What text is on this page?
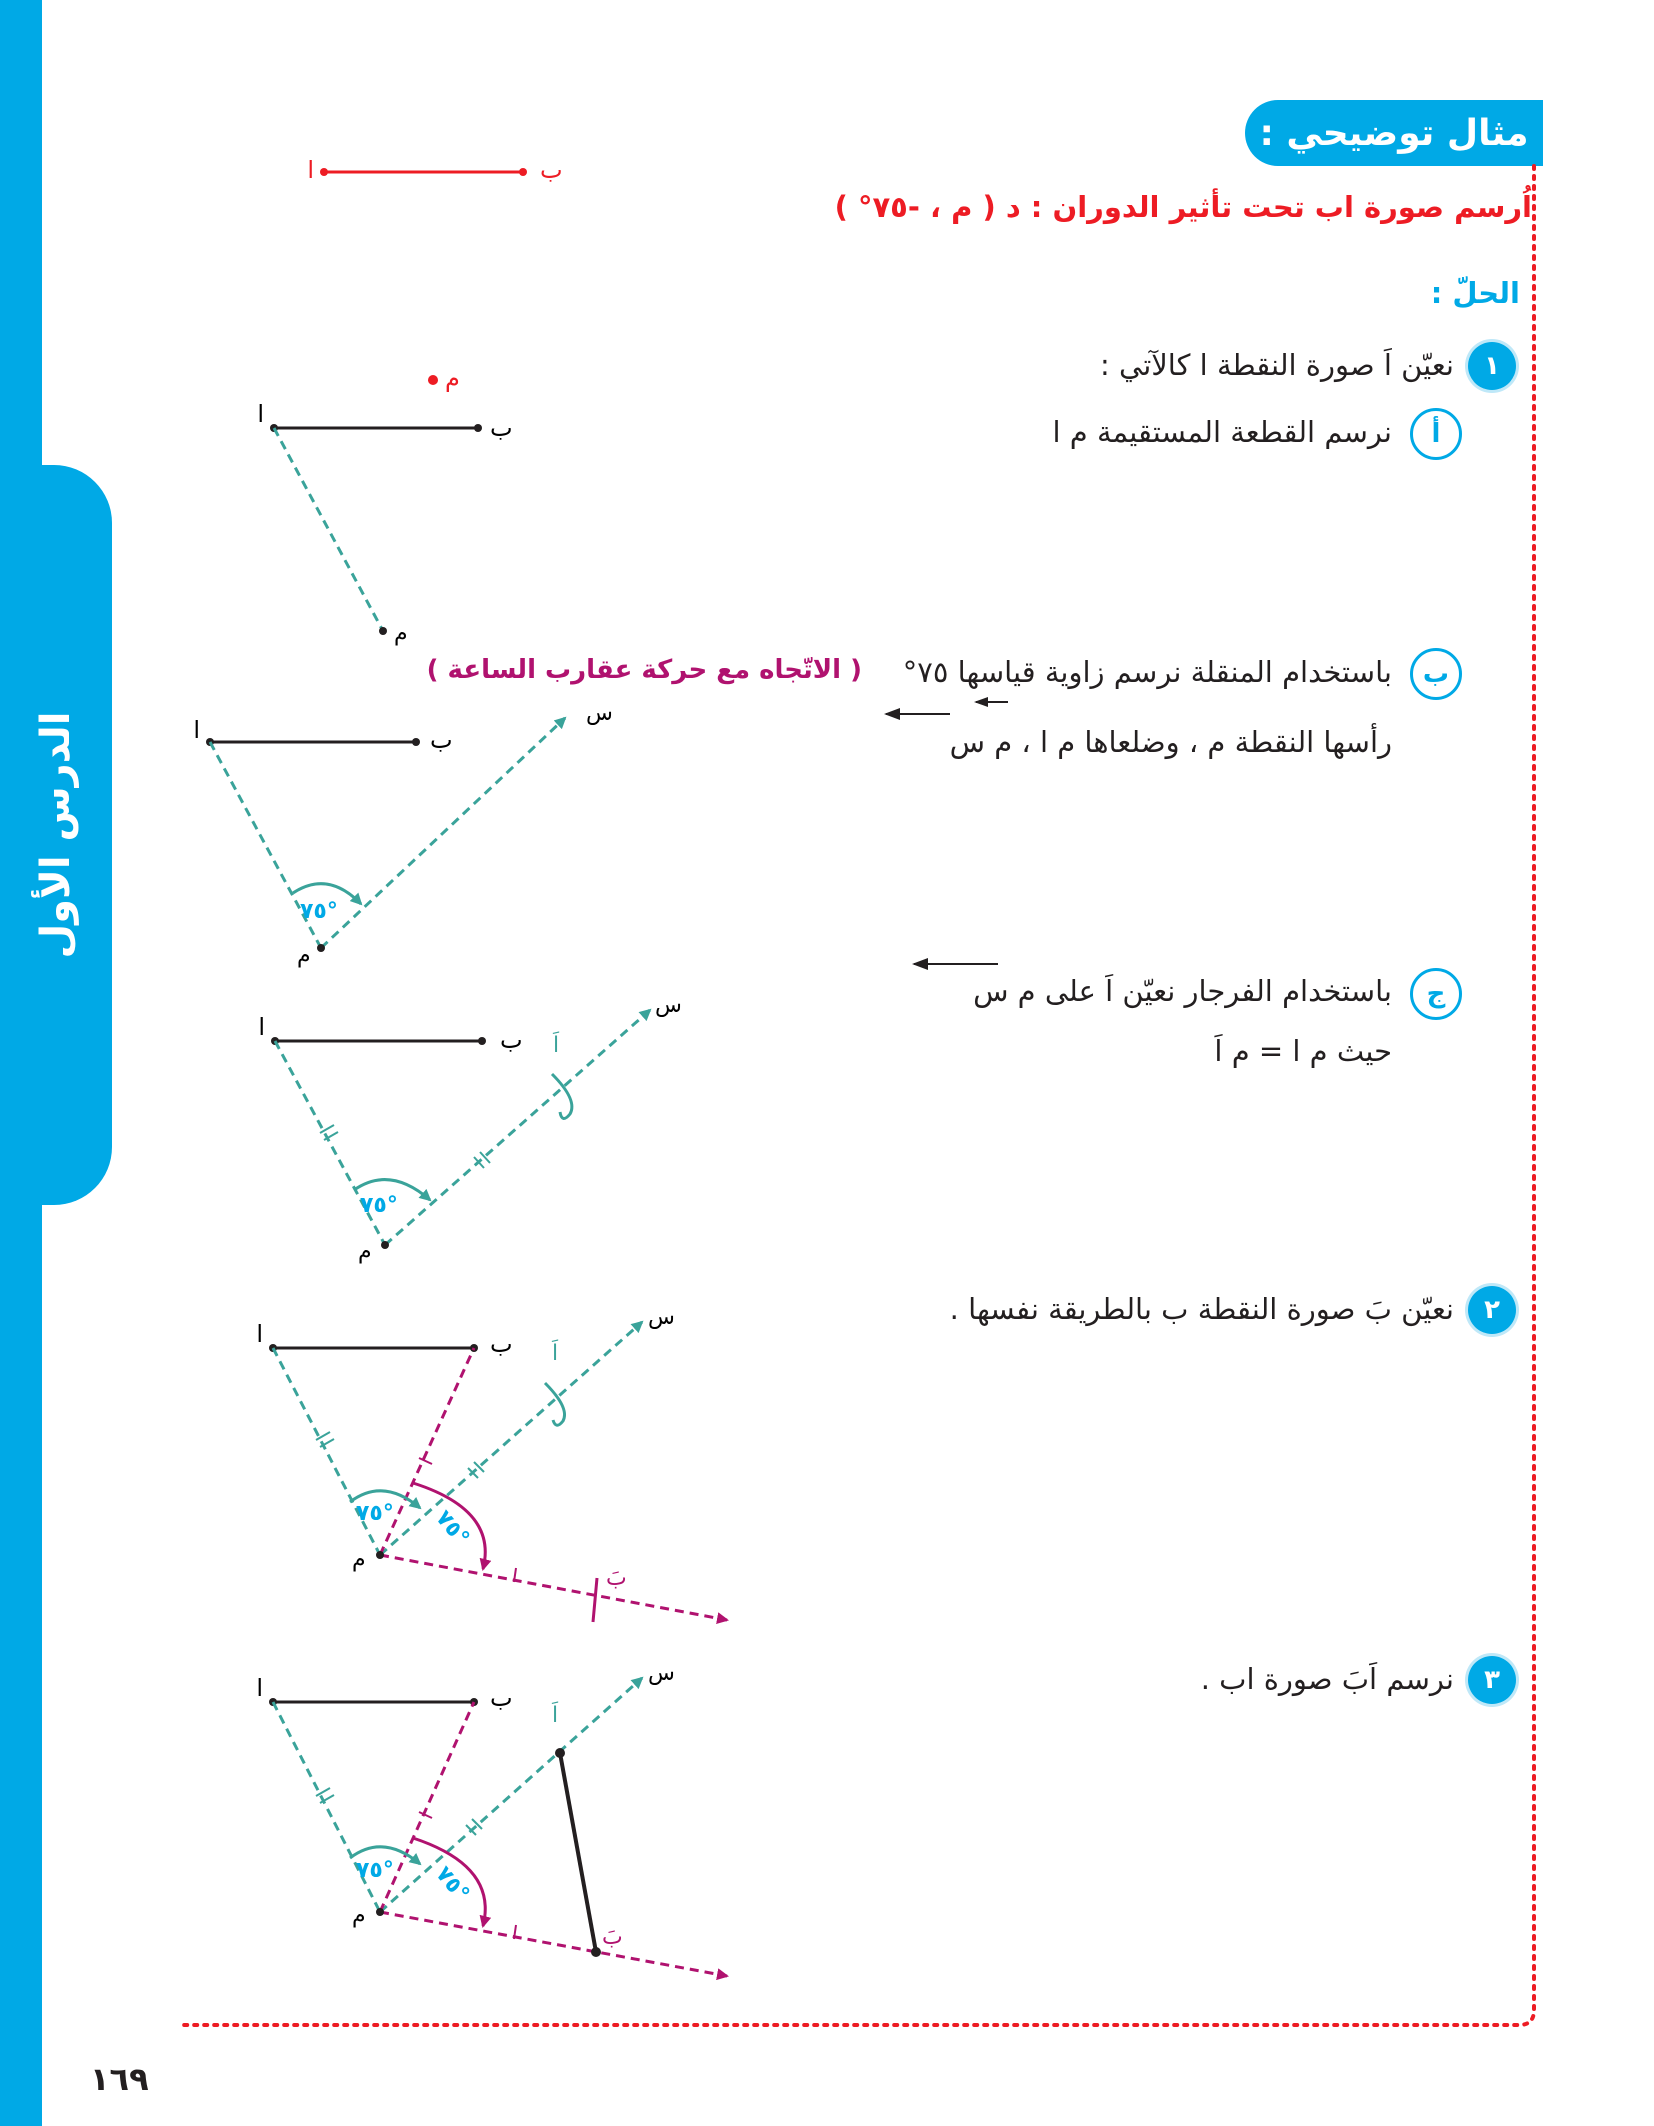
الدرس الأول
مثال توضيحي :
اُرسم صورة اب تحت تأثير الدوران : د ( م ، -٧٥° )
الحلّ :
١
نعيّن اَ صورة النقطة ا كالآتي :
أ
نرسم القطعة المستقيمة م ا
ب
باستخدام المنقلة نرسم زاوية قياسها ٧٥°
( الاتّجاه مع حركة عقارب الساعة )
رأسها النقطة م ، وضلعاها م ا ، م س
ج
باستخدام الفرجار نعيّن اَ على م س
حيث م ا = م اَ
٢
نعيّن بَ صورة النقطة ب بالطريقة نفسها .
٣
نرسم اَبَ صورة اب .
١٦٩
ا	ب
م
ا	ب
م
ا	ب
٧٥°
م
س
ا	ب
٧٥°
م
اَ
س
ا	ب
٧٥° ٧٥°
م
اَ
بَ
س
ا	ب
٧٥° ٧٥°
م
اَ
بَ
س
